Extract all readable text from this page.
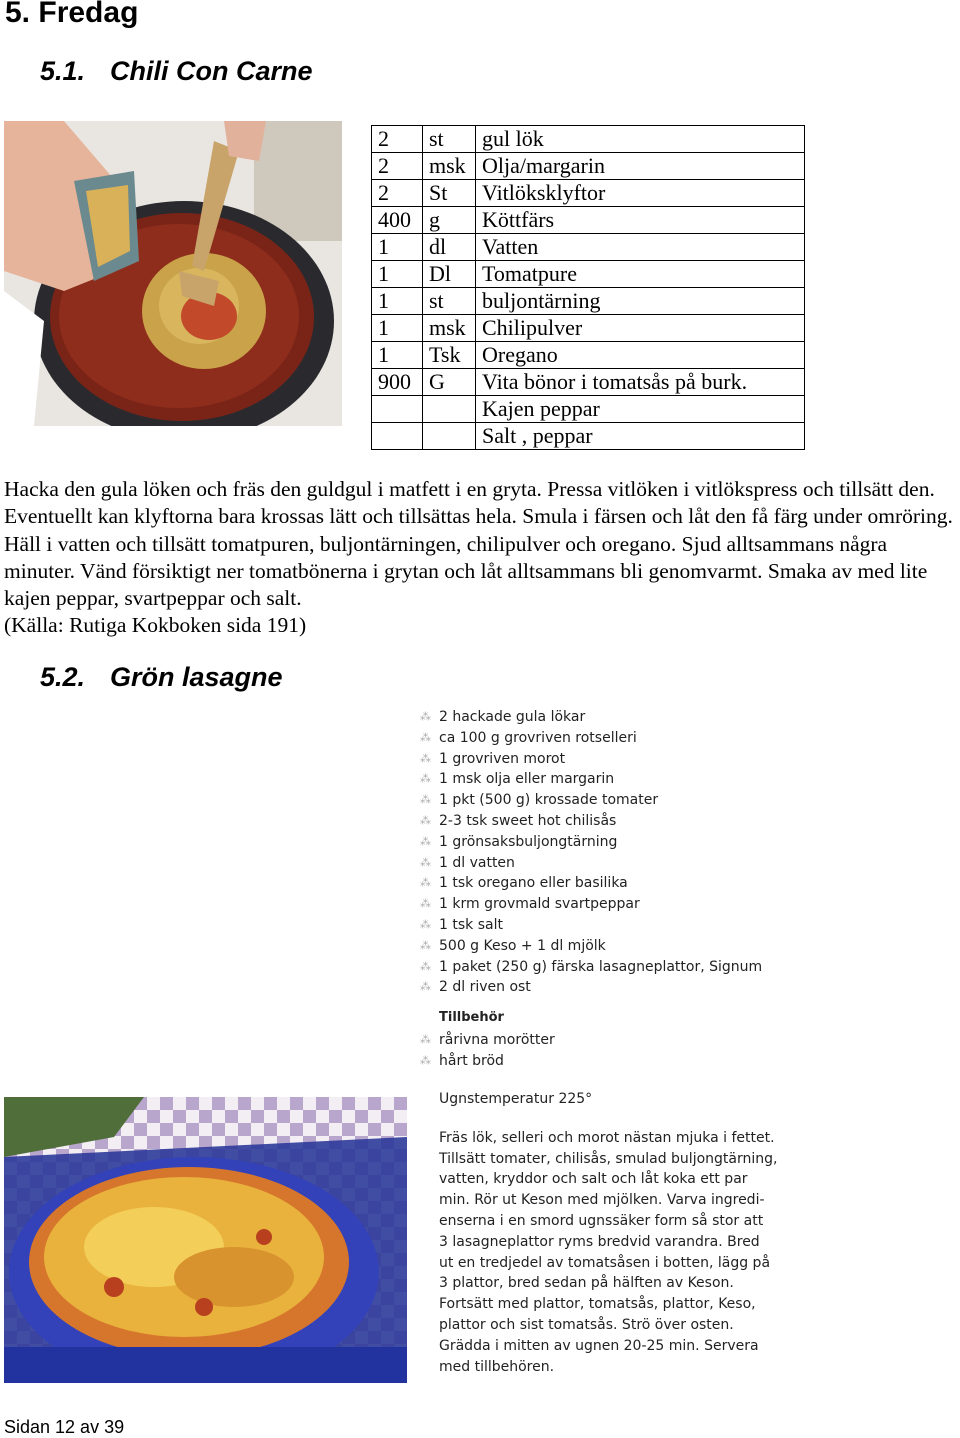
5. Fredag
5.1. Chili Con Carne
2	st	gul lök
2	msk	Olja/margarin
2	St	Vitlöksklyftor
400	g	Köttfärs
1	dl	Vatten
1	Dl	Tomatpure
1	st	buljontärning
1	msk	Chilipulver
1	Tsk	Oregano
900	G	Vita bönor i tomatsås på burk.
		Kajen peppar
		Salt , peppar

Hacka den gula löken och fräs den guldgul i matfett i en gryta. Pressa vitlöken i vitlökspress och tillsätt den. Eventuellt kan klyftorna bara krossas lätt och tillsättas hela. Smula i färsen och låt den få färg under omröring. Häll i vatten och tillsätt tomatpuren, buljontärningen, chilipulver och oregano. Sjud alltsammans några minuter. Vänd försiktigt ner tomatbönerna i grytan och låt alltsammans bli genomvarmt. Smaka av med lite kajen peppar, svartpeppar och salt.
(Källa: Rutiga Kokboken sida 191)

5.2. Grön lasagne
⁂ 2 hackade gula lökar
⁂ ca 100 g grovriven rotselleri
⁂ 1 grovriven morot
⁂ 1 msk olja eller margarin
⁂ 1 pkt (500 g) krossade tomater
⁂ 2-3 tsk sweet hot chilisås
⁂ 1 grönsaksbuljongtärning
⁂ 1 dl vatten
⁂ 1 tsk oregano eller basilika
⁂ 1 krm grovmald svartpeppar
⁂ 1 tsk salt
⁂ 500 g Keso + 1 dl mjölk
⁂ 1 paket (250 g) färska lasagneplattor, Signum
⁂ 2 dl riven ost
Tillbehör
⁂ rårivna morötter
⁂ hårt bröd
Ugnstemperatur 225°
Fräs lök, selleri och morot nästan mjuka i fettet.
Tillsätt tomater, chilisås, smulad buljongtärning,
vatten, kryddor och salt och låt koka ett par
min. Rör ut Keson med mjölken. Varva ingredi-
enserna i en smord ugnssäker form så stor att
3 lasagneplattor ryms bredvid varandra. Bred
ut en tredjedel av tomatsåsen i botten, lägg på
3 plattor, bred sedan på hälften av Keson.
Fortsätt med plattor, tomatsås, plattor, Keso,
plattor och sist tomatsås. Strö över osten.
Grädda i mitten av ugnen 20-25 min. Servera
med tillbehören.
Sidan 12 av 39
